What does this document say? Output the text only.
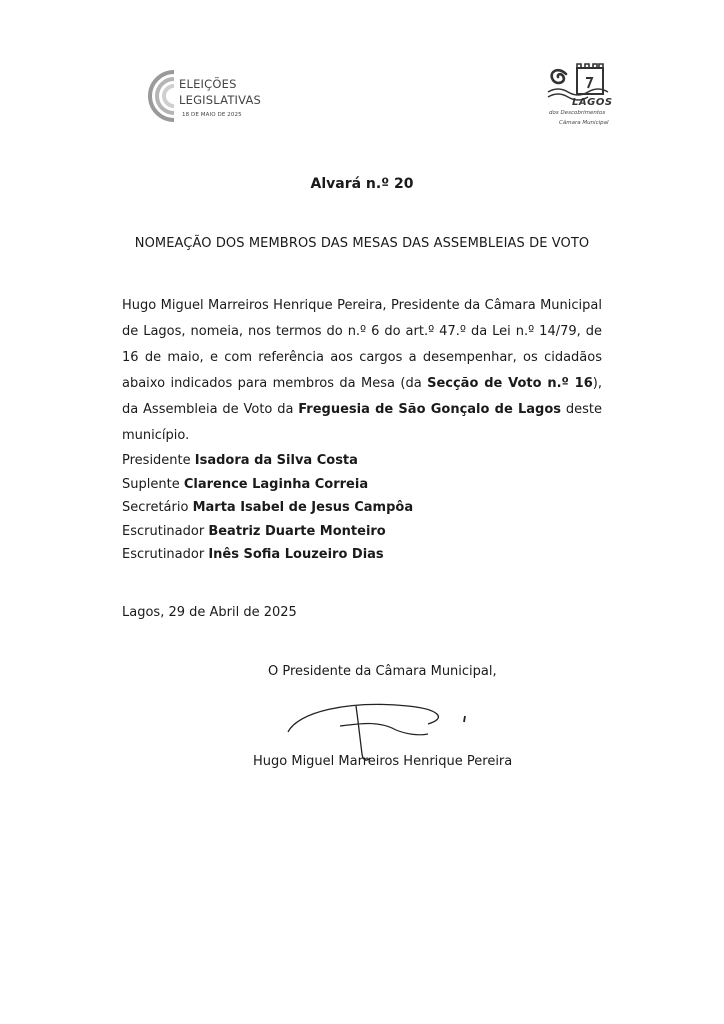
ELEIÇÕES
LEGISLATIVAS
18 DE MAIO DE 2025
LAGOS
dos Descobrimentos
Câmara Municipal
Alvará n.º 20
NOMEAÇÃO DOS MEMBROS DAS MESAS DAS ASSEMBLEIAS DE VOTO
Hugo Miguel Marreiros Henrique Pereira, Presidente da Câmara Municipal de Lagos, nomeia, nos termos do n.º 6 do art.º 47.º da Lei n.º 14/79, de 16 de maio, e com referência aos cargos a desempenhar, os cidadãos abaixo indicados para membros da Mesa (da Secção de Voto n.º 16), da Assembleia de Voto da Freguesia de São Gonçalo de Lagos deste município.
Presidente Isadora da Silva Costa
Suplente Clarence Laginha Correia
Secretário Marta Isabel de Jesus Campôa
Escrutinador Beatriz Duarte Monteiro
Escrutinador Inês Sofia Louzeiro Dias
Lagos, 29 de Abril de 2025
O Presidente da Câmara Municipal,
Hugo Miguel Marreiros Henrique Pereira
